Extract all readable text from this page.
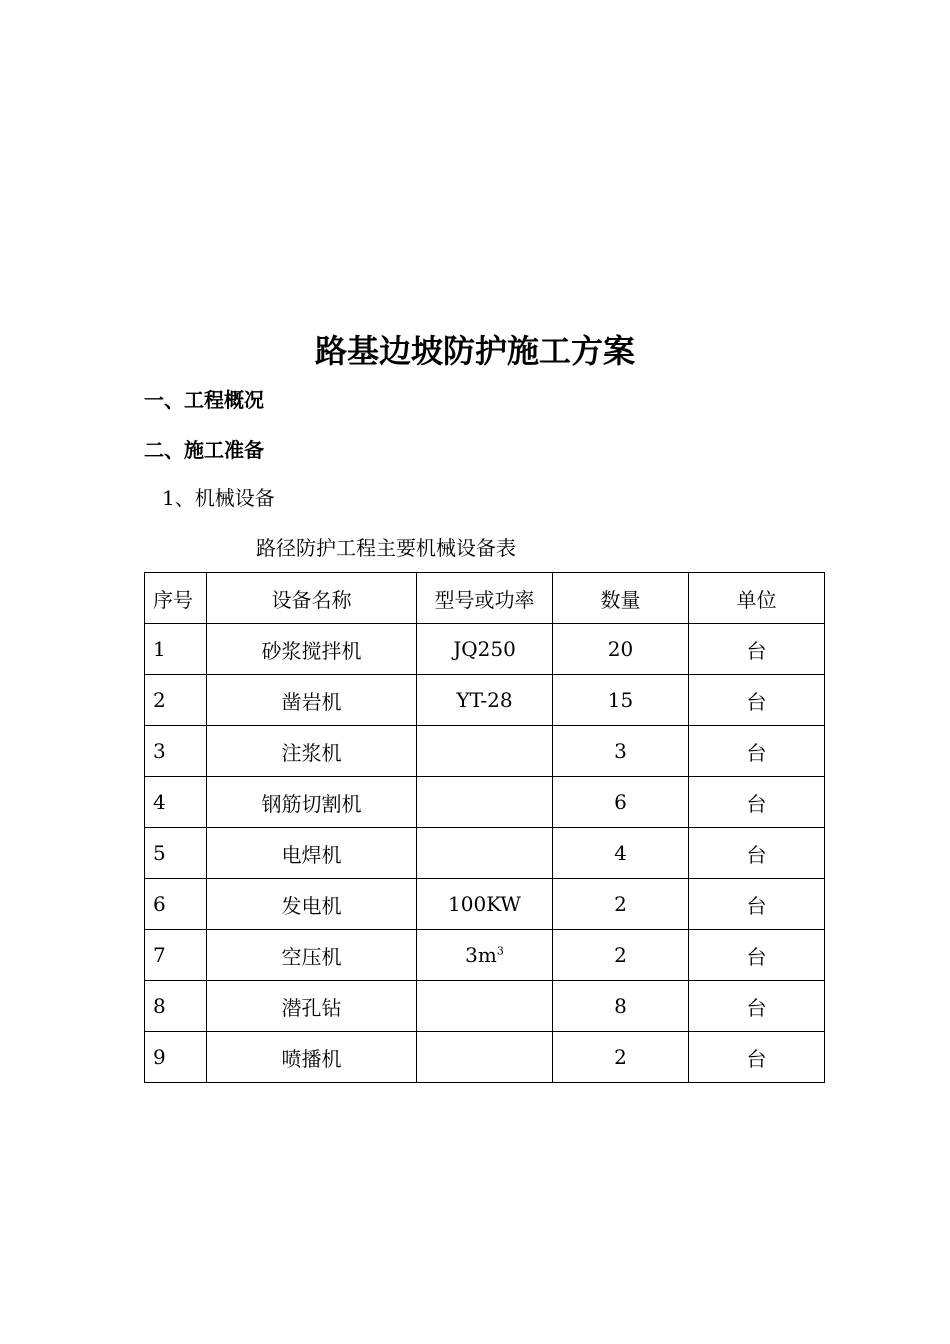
路基边坡防护施工方案
一、工程概况
二、施工准备
1、机械设备
路径防护工程主要机械设备表
序号	设备名称	型号或功率	数量	单位
1	砂浆搅拌机	JQ250	20	台
2	凿岩机	YT-28	15	台
3	注浆机		3	台
4	钢筋切割机		6	台
5	电焊机		4	台
6	发电机	100KW	2	台
7	空压机	$3m^3$	2	台
8	潜孔钻		8	台
9	喷播机		2	台
